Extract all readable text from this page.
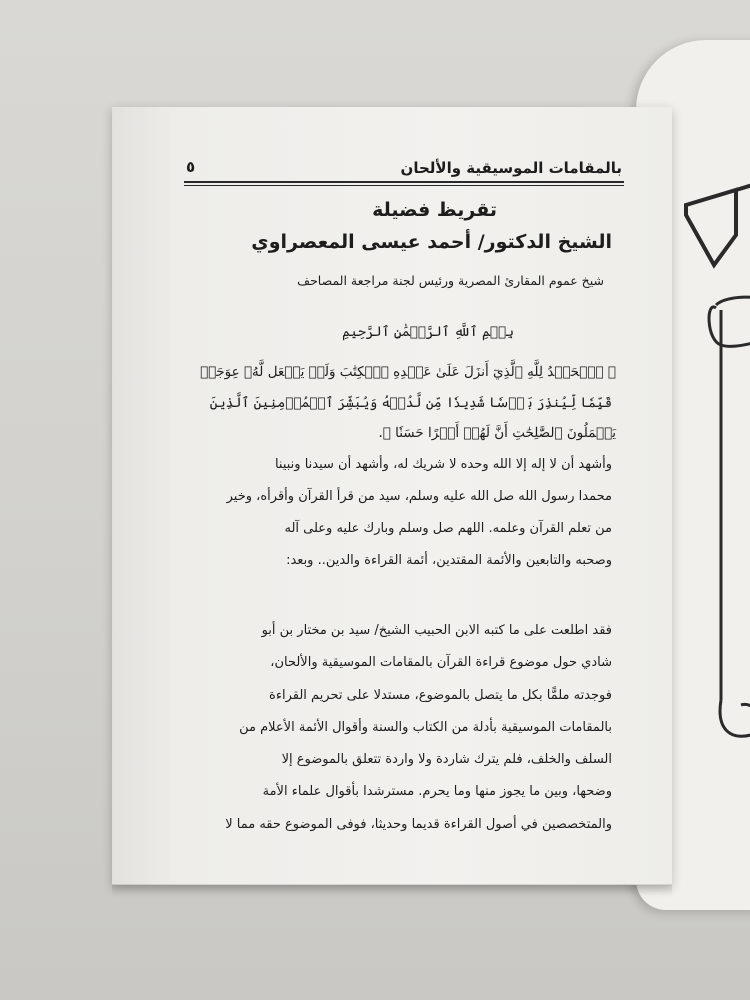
بالمقامات الموسيقية والألحان
٥
تقريظ فضيلة
الشيخ الدكتور/ أحمد عيسى المعصراوي
شيخ عموم المقارئ المصرية ورئيس لجنة مراجعة المصاحف
بِسۡمِ ٱللَّهِ ٱلرَّحۡمَٰنِ ٱلرَّحِيمِ
﴿ ٱلۡحَمۡدُ لِلَّهِ ٱلَّذِيٓ أَنزَلَ عَلَىٰ عَبۡدِهِ ٱلۡكِتَٰبَ وَلَمۡ يَجۡعَل لَّهُۥ عِوَجَاۜ
قَيِّمٗا لِّيُنذِرَ بَأۡسٗا شَدِيدٗا مِّن لَّدُنۡهُ وَيُبَشِّرَ ٱلۡمُؤۡمِنِينَ ٱلَّذِينَ
يَعۡمَلُونَ ٱلصَّٰلِحَٰتِ أَنَّ لَهُمۡ أَجۡرًا حَسَنٗا ﴾.
وأشهد أن لا إله إلا الله وحده لا شريك له، وأشهد أن سيدنا ونبينا
محمدا رسول الله صل الله عليه وسلم، سيد من قرأ القرآن وأقرأه، وخير
من تعلم القرآن وعلمه. اللهم صل وسلم وبارك عليه وعلى آله
وصحبه والتابعين والأئمة المقتدين، أئمة القراءة والدين.. وبعد:
فقد اطلعت على ما كتبه الابن الحبيب الشيخ/ سيد بن مختار بن أبو
شادي حول موضوع قراءة القرآن بالمقامات الموسيقية والألحان،
فوجدته ملمًّا بكل ما يتصل بالموضوع، مستدلا على تحريم القراءة
بالمقامات الموسيقية بأدلة من الكتاب والسنة وأقوال الأئمة الأعلام من
السلف والخلف، فلم يترك شاردة ولا واردة تتعلق بالموضوع إلا
وضحها، وبين ما يجوز منها وما يحرم. مسترشدا بأقوال علماء الأمة
والمتخصصين في أصول القراءة قديما وحديثا، فوفى الموضوع حقه مما لا
